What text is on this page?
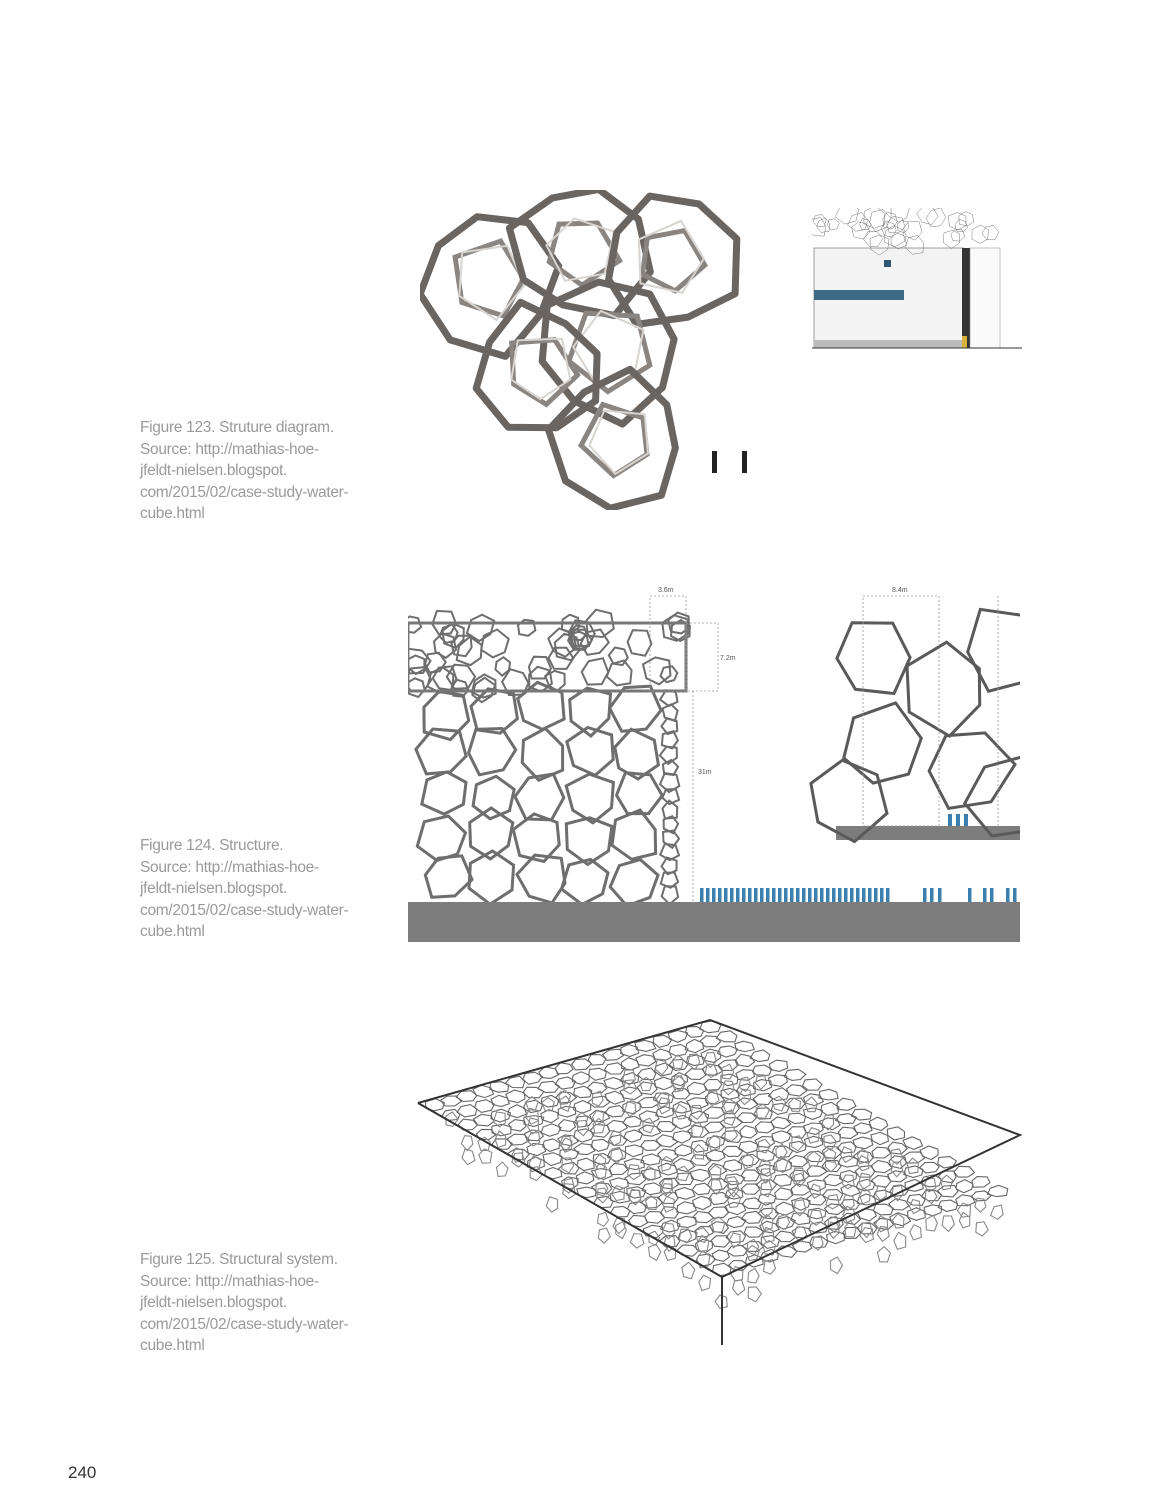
Figure 123. Struture diagram.
Source: http://mathias-hoe-
jfeldt-nielsen.blogspot.
com/2015/02/case-study-water-
cube.html
3.6m
7.2m
31m
8.4m
Figure 124. Structure.
Source: http://mathias-hoe-
jfeldt-nielsen.blogspot.
com/2015/02/case-study-water-
cube.html
Figure 125. Structural system.
Source: http://mathias-hoe-
jfeldt-nielsen.blogspot.
com/2015/02/case-study-water-
cube.html
240
